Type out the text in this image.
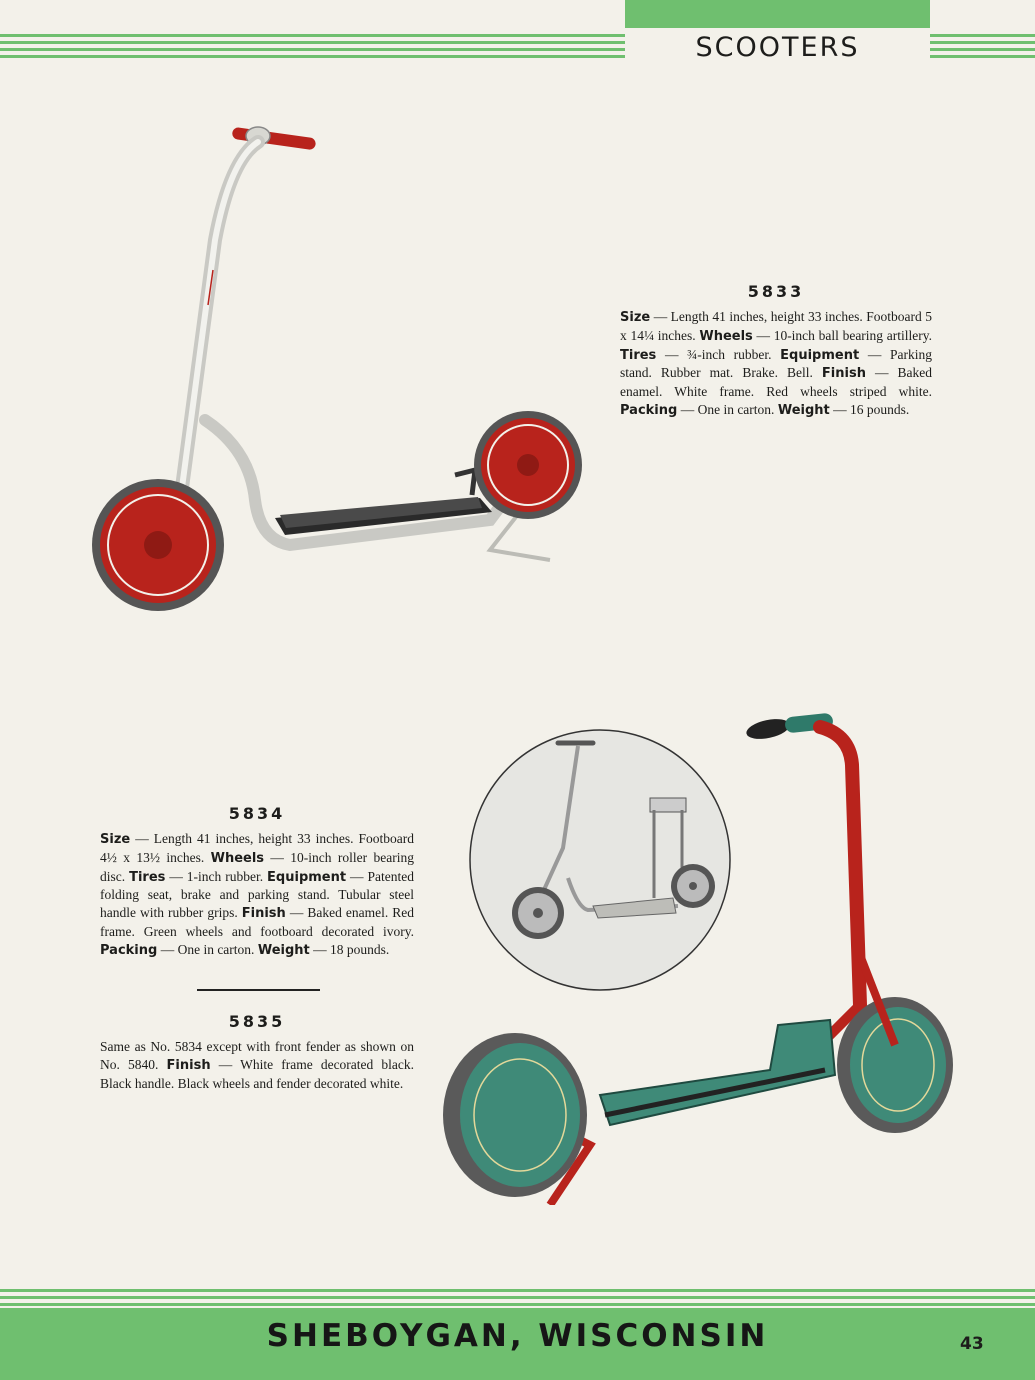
SCOOTERS
5833
Size — Length 41 inches, height 33 inches. Footboard 5 x 14¼ inches. Wheels — 10-inch ball bearing artillery. Tires — ¾-inch rubber. Equipment — Parking stand. Rubber mat. Brake. Bell. Finish — Baked enamel. White frame. Red wheels striped white. Packing — One in carton. Weight — 16 pounds.
5834
Size — Length 41 inches, height 33 inches. Footboard 4½ x 13½ inches. Wheels — 10-inch roller bearing disc. Tires — 1-inch rubber. Equipment — Patented folding seat, brake and parking stand. Tubular steel handle with rubber grips. Finish — Baked enamel. Red frame. Green wheels and footboard decorated ivory. Packing — One in carton. Weight — 18 pounds.
5835
Same as No. 5834 except with front fender as shown on No. 5840. Finish — White frame decorated black. Black handle. Black wheels and fender decorated white.
SHEBOYGAN, WISCONSIN	43
